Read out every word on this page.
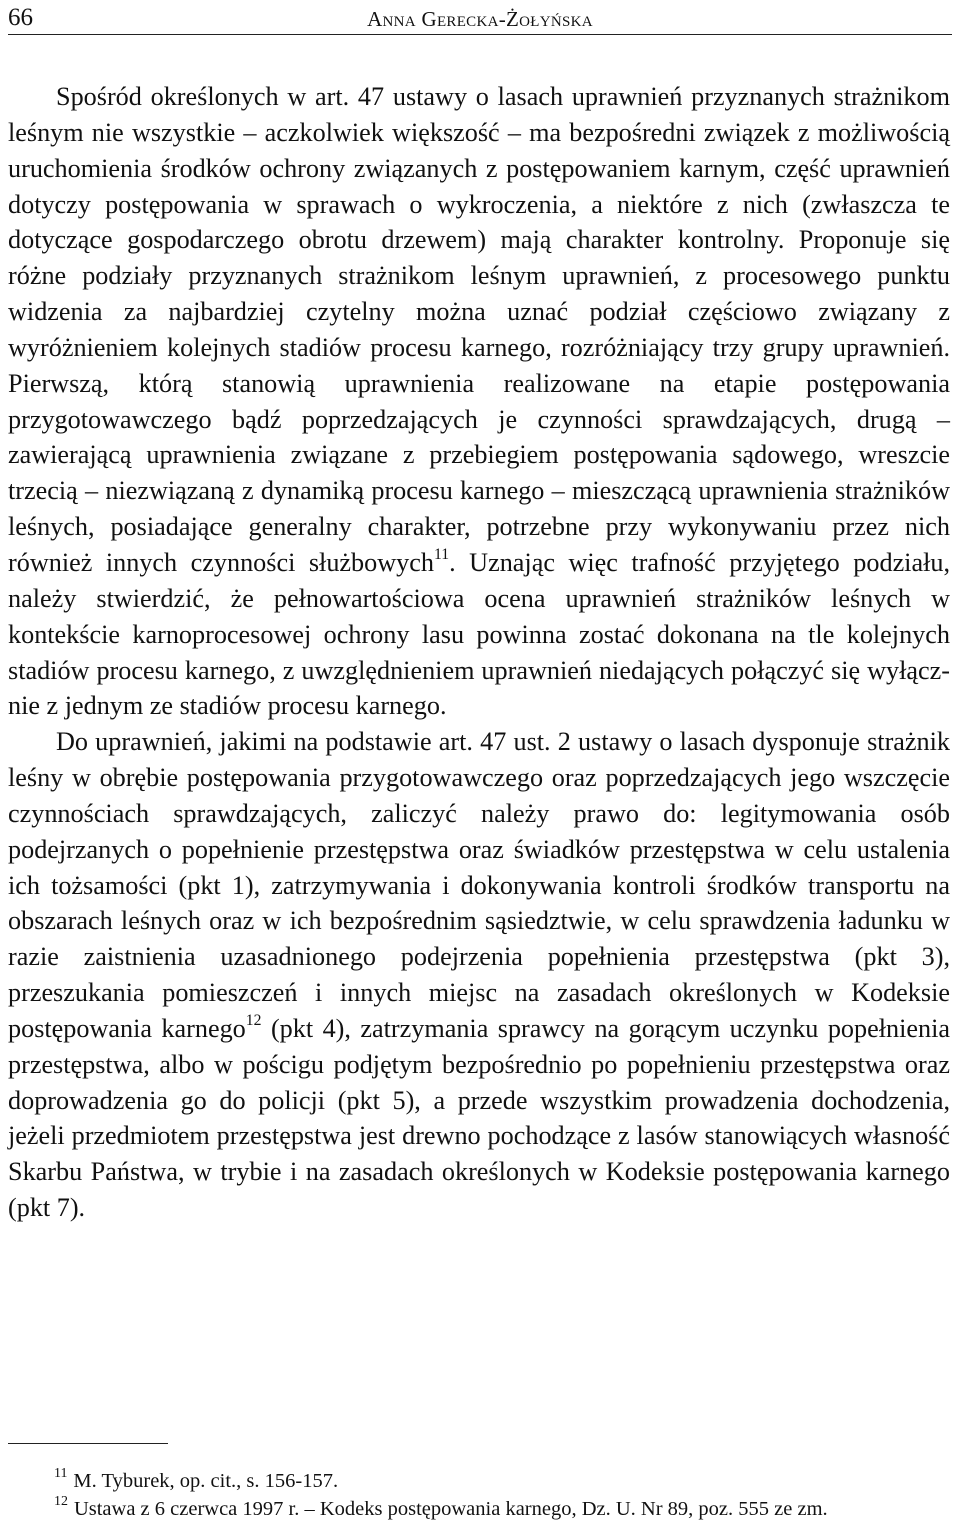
66	Anna Gerecka-Żołyńska

Spośród określonych w art. 47 ustawy o lasach uprawnień przyznanych strażnikom leśnym nie wszystkie – aczkolwiek większość – ma bezpośredni związek z możliwością uruchomienia środków ochrony związanych z postępowaniem karnym, część uprawnień dotyczy postępowania w sprawach o wykroczenia, a niektóre z nich (zwłaszcza te dotyczące gospodarczego obrotu drzewem) mają charakter kontrolny. Proponuje się różne podziały przyznanych strażnikom leśnym uprawnień, z procesowego punktu widzenia za najbardziej czytelny można uznać podział częściowo związany z wyróżnieniem kolejnych stadiów procesu karnego, rozróżniający trzy grupy uprawnień. Pierwszą, którą stanowią uprawnienia realizowane na etapie postępowania przygotowawczego bądź poprzedzających je czynności sprawdzających, drugą – zawierającą uprawnienia związane z przebiegiem postępowania sądowego, wreszcie trzecią – niezwiązaną z dynamiką procesu karnego – mieszczącą uprawnienia strażników leśnych, posiadające generalny charakter, potrzebne przy wykonywaniu przez nich również innych czynności służbowych$^{11}$. Uznając więc trafność przyjętego podziału, należy stwierdzić, że pełnowartościowa ocena uprawnień strażników leśnych w kontekście karnoprocesowej ochrony lasu powinna zostać dokonana na tle kolejnych stadiów procesu karnego, z uwzględnieniem uprawnień niedających połączyć się wyłącznie z jednym ze stadiów procesu karnego.

Do uprawnień, jakimi na podstawie art. 47 ust. 2 ustawy o lasach dysponuje strażnik leśny w obrębie postępowania przygotowawczego oraz poprzedzających jego wszczęcie czynnościach sprawdzających, zaliczyć należy prawo do: legitymowania osób podejrzanych o popełnienie przestępstwa oraz świadków przestępstwa w celu ustalenia ich tożsamości (pkt 1), zatrzymywania i dokonywania kontroli środków transportu na obszarach leśnych oraz w ich bezpośrednim sąsiedztwie, w celu sprawdzenia ładunku w razie zaistnienia uzasadnionego podejrzenia popełnienia przestępstwa (pkt 3), przeszukania pomieszczeń i innych miejsc na zasadach określonych w Kodeksie postępowania karnego$^{12}$ (pkt 4), zatrzymania sprawcy na gorącym uczynku popełnienia przestępstwa, albo w pościgu podjętym bezpośrednio po popełnieniu przestępstwa oraz doprowadzenia go do policji (pkt 5), a przede wszystkim prowadzenia dochodzenia, jeżeli przedmiotem przestępstwa jest drewno pochodzące z lasów stanowiących własność Skarbu Państwa, w trybie i na zasadach określonych w Kodeksie postępowania karnego (pkt 7).

$^{11}$ M. Tyburek, op. cit., s. 156-157.

$^{12}$ Ustawa z 6 czerwca 1997 r. – Kodeks postępowania karnego, Dz. U. Nr 89, poz. 555 ze zm.
